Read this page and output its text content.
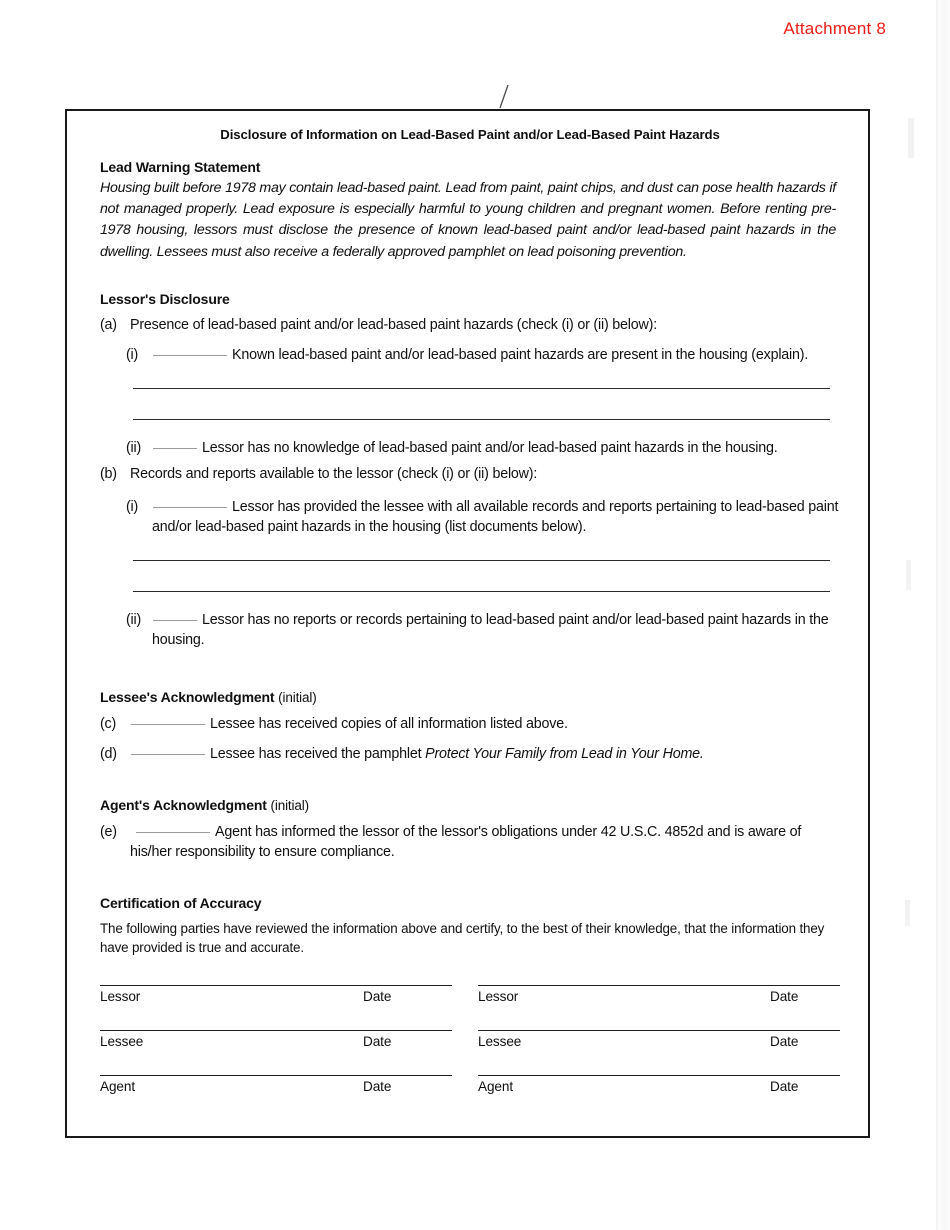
Attachment 8
Disclosure of Information on Lead-Based Paint and/or Lead-Based Paint Hazards
Lead Warning Statement
Housing built before 1978 may contain lead-based paint. Lead from paint, paint chips, and dust can pose health hazards if not managed properly. Lead exposure is especially harmful to young children and pregnant women. Before renting pre-1978 housing, lessors must disclose the presence of known lead-based paint and/or lead-based paint hazards in the dwelling. Lessees must also receive a federally approved pamphlet on lead poisoning prevention.
Lessor's Disclosure
(a) Presence of lead-based paint and/or lead-based paint hazards (check (i) or (ii) below):
(i)	Known lead-based paint and/or lead-based paint hazards are present in the housing (explain).
(ii)	Lessor has no knowledge of lead-based paint and/or lead-based paint hazards in the housing.
(b) Records and reports available to the lessor (check (i) or (ii) below):
(i)	Lessor has provided the lessee with all available records and reports pertaining to lead-based paint and/or lead-based paint hazards in the housing (list documents below).
(ii)	Lessor has no reports or records pertaining to lead-based paint and/or lead-based paint hazards in the housing.
Lessee's Acknowledgment (initial)
(c)	Lessee has received copies of all information listed above.
(d)	Lessee has received the pamphlet Protect Your Family from Lead in Your Home.
Agent's Acknowledgment (initial)
(e)	Agent has informed the lessor of the lessor's obligations under 42 U.S.C. 4852d and is aware of his/her responsibility to ensure compliance.
Certification of Accuracy
The following parties have reviewed the information above and certify, to the best of their knowledge, that the information they have provided is true and accurate.
Lessor	Date	Lessor	Date
Lessee	Date	Lessee	Date
Agent	Date	Agent	Date
